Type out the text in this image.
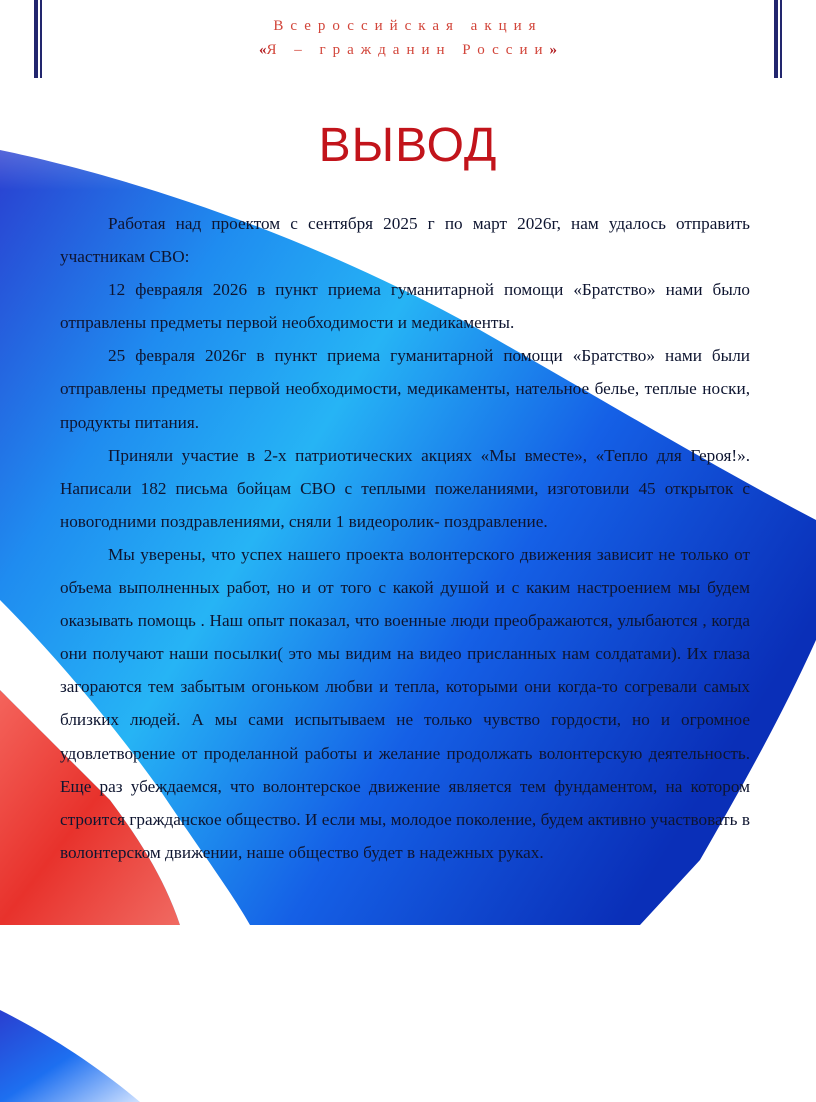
Всероссийская акция
«Я – гражданин России»
ВЫВОД

Работая над проектом с сентября 2025 г по март 2026г, нам удалось отправить участникам СВО:

12 февраяля 2026 в пункт приема гуманитарной помощи «Братство» нами было отправлены предметы первой необходимости и медикаменты.

25 февраля 2026г в пункт приема гуманитарной помощи «Братство» нами были отправлены предметы первой необходимости, медикаменты, нательное белье, теплые носки, продукты питания.

Приняли участие в 2-х патриотических акциях «Мы вместе», «Тепло для Героя!». Написали 182 письма бойцам СВО с теплыми пожеланиями, изготовили 45 открыток с новогодними поздравлениями, сняли 1 видеоролик- поздравление.

Мы уверены, что успех нашего проекта волонтерского движения зависит не только от объема выполненных работ, но и от того с какой душой и с каким настроением мы будем оказывать помощь . Наш опыт показал, что военные люди преображаются, улыбаются , когда они получают наши посылки( это мы видим на видео присланных нам солдатами). Их глаза загораются тем забытым огоньком любви и тепла, которыми они когда-то согревали самых близких людей. А мы сами испытываем не только чувство гордости, но и огромное удовлетворение от проделанной работы и желание продолжать волонтерскую деятельность. Еще раз убеждаемся, что волонтерское движение является тем фундаментом, на котором строится гражданское общество. И если мы, молодое поколение, будем активно участвовать в волонтерском движении, наше общество будет в надежных руках.
